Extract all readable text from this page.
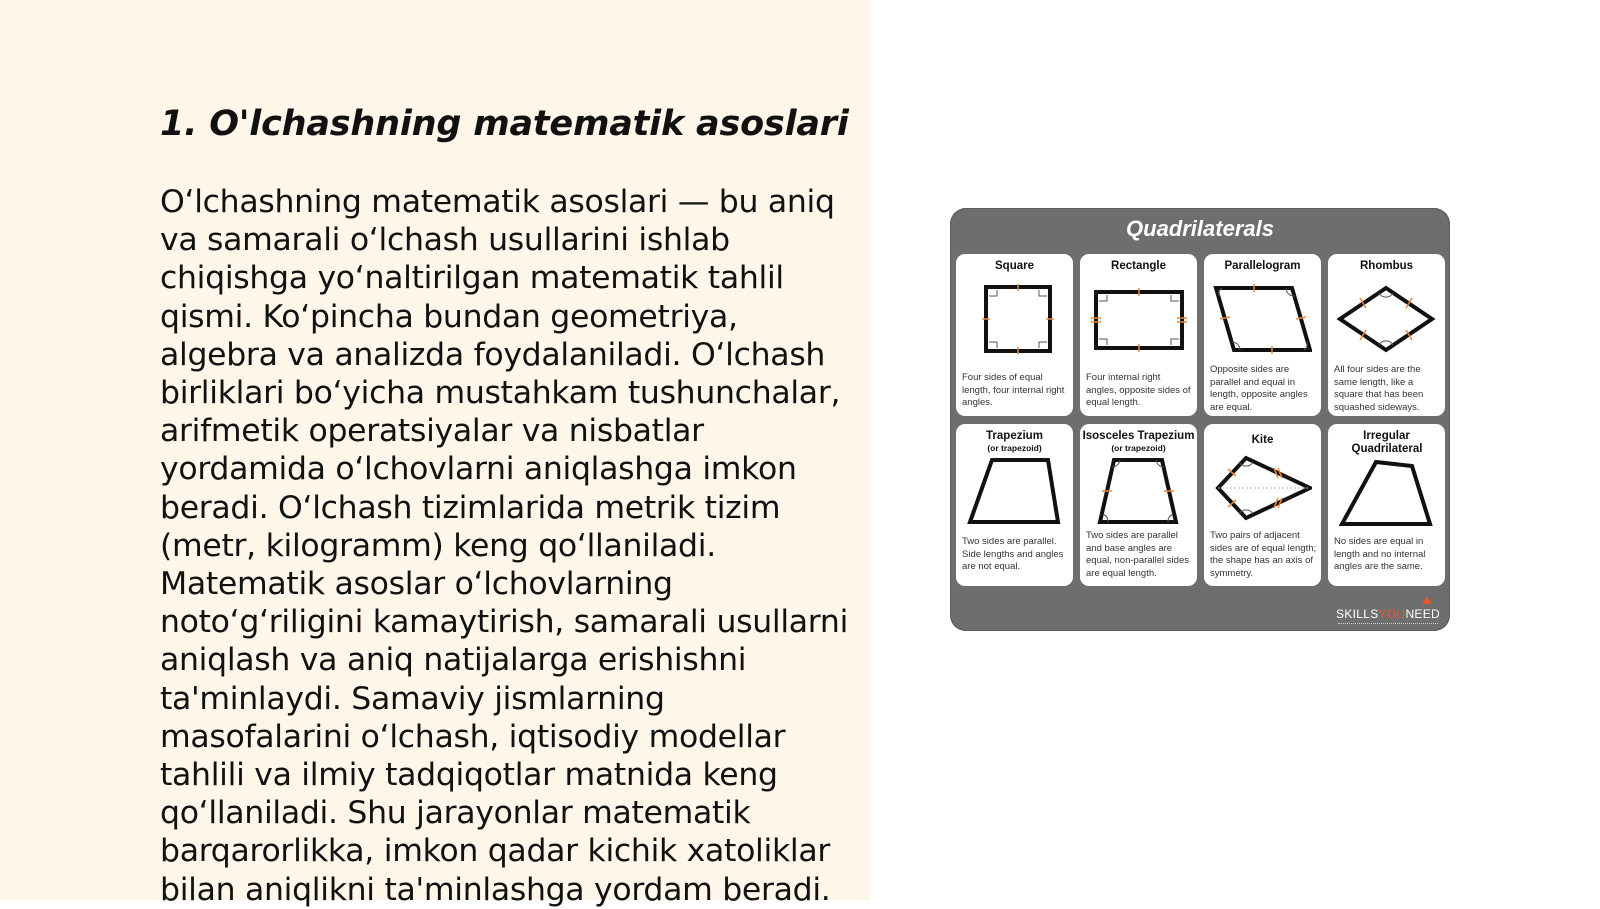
1. O'lchashning matematik asoslari

O‘lchashning matematik asoslari — bu aniq va samarali o‘lchash usullarini ishlab chiqishga yo‘naltirilgan matematik tahlil qismi. Ko‘pincha bundan geometriya, algebra va analizda foydalaniladi. O‘lchash birliklari bo‘yicha mustahkam tushunchalar, arifmetik operatsiyalar va nisbatlar yordamida o‘lchovlarni aniqlashga imkon beradi. O‘lchash tizimlarida metrik tizim (metr, kilogramm) keng qo‘llaniladi. Matematik asoslar o‘lchovlarning noto‘g‘riligini kamaytirish, samarali usullarni aniqlash va aniq natijalarga erishishni ta'minlaydi. Samaviy jismlarning masofalarini o‘lchash, iqtisodiy modellar tahlili va ilmiy tadqiqotlar matnida keng qo‘llaniladi. Shu jarayonlar matematik barqarorlikka, imkon qadar kichik xatoliklar bilan aniqlikni ta'minlashga yordam beradi.

Quadrilaterals
Square
Four sides of equal length, four internal right angles.
Rectangle
Four internal right angles, opposite sides of equal length.
Parallelogram
Opposite sides are parallel and equal in length, opposite angles are equal.
Rhombus
All four sides are the same length, like a square that has been squashed sideways.
Trapezium
(or trapezoid)
Two sides are parallel. Side lengths and angles are not equal.
Isosceles Trapezium
(or trapezoid)
Two sides are parallel and base angles are equal, non-parallel sides are equal length.
Kite
Two pairs of adjacent sides are of equal length; the shape has an axis of symmetry.
Irregular Quadrilateral
No sides are equal in length and no internal angles are the same.
SKILLSYOUNEED
